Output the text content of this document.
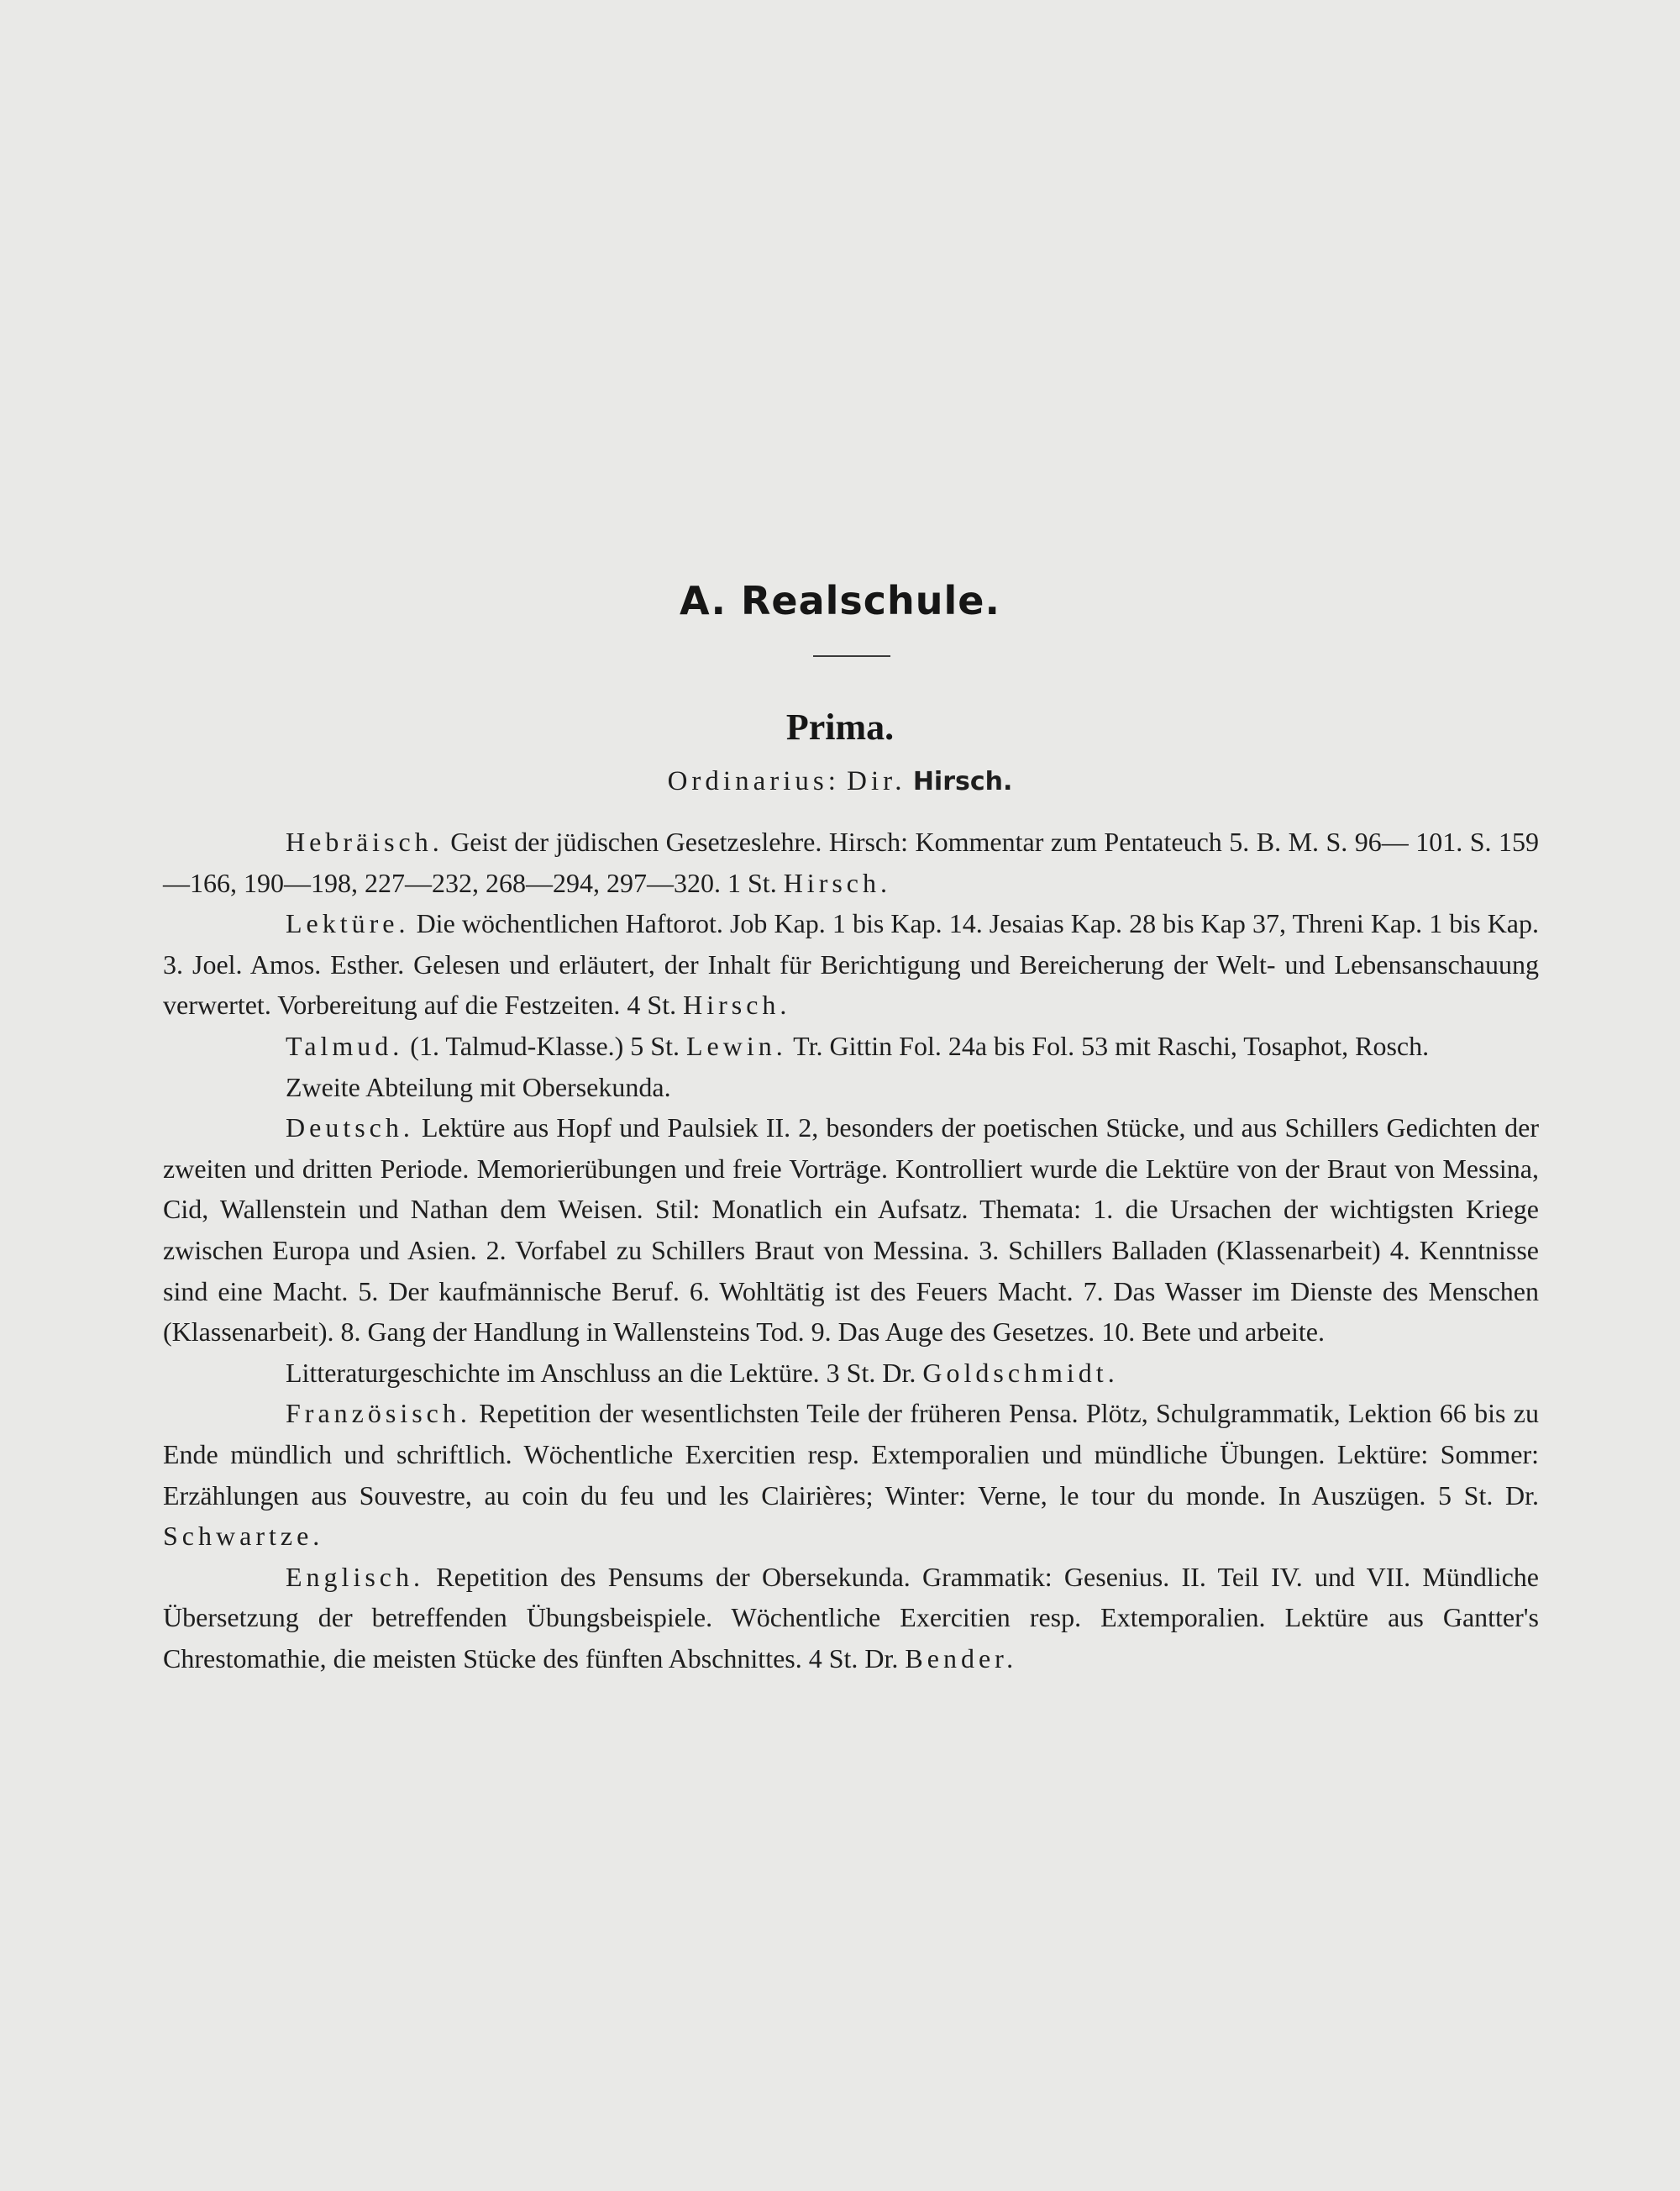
A. Realschule.
Prima.
Ordinarius: Dir. Hirsch.

Hebräisch. Geist der jüdischen Gesetzeslehre. Hirsch: Kommentar zum Pentateuch 5. B. M. S. 96— 101. S. 159—166, 190—198, 227—232, 268—294, 297—320. 1 St. Hirsch.

Lektüre. Die wöchentlichen Haftorot. Job Kap. 1 bis Kap. 14. Jesaias Kap. 28 bis Kap 37, Threni Kap. 1 bis Kap. 3. Joel. Amos. Esther. Gelesen und erläutert, der Inhalt für Berichtigung und Bereicherung der Welt- und Lebensanschauung verwertet. Vorbereitung auf die Festzeiten. 4 St. Hirsch.

Talmud. (1. Talmud-Klasse.) 5 St. Lewin. Tr. Gittin Fol. 24a bis Fol. 53 mit Raschi, Tosaphot, Rosch.

Zweite Abteilung mit Obersekunda.

Deutsch. Lektüre aus Hopf und Paulsiek II. 2, besonders der poetischen Stücke, und aus Schillers Gedichten der zweiten und dritten Periode. Memorierübungen und freie Vorträge. Kontrolliert wurde die Lektüre von der Braut von Messina, Cid, Wallenstein und Nathan dem Weisen. Stil: Monatlich ein Aufsatz. Themata: 1. die Ursachen der wichtigsten Kriege zwischen Europa und Asien. 2. Vorfabel zu Schillers Braut von Messina. 3. Schillers Balladen (Klassenarbeit) 4. Kenntnisse sind eine Macht. 5. Der kaufmännische Beruf. 6. Wohltätig ist des Feuers Macht. 7. Das Wasser im Dienste des Menschen (Klassenarbeit). 8. Gang der Handlung in Wallensteins Tod. 9. Das Auge des Gesetzes. 10. Bete und arbeite.

Litteraturgeschichte im Anschluss an die Lektüre. 3 St. Dr. Goldschmidt.

Französisch. Repetition der wesentlichsten Teile der früheren Pensa. Plötz, Schulgrammatik, Lektion 66 bis zu Ende mündlich und schriftlich. Wöchentliche Exercitien resp. Extemporalien und mündliche Übungen. Lektüre: Sommer: Erzählungen aus Souvestre, au coin du feu und les Clairières; Winter: Verne, le tour du monde. In Auszügen. 5 St. Dr. Schwartze.

Englisch. Repetition des Pensums der Obersekunda. Grammatik: Gesenius. II. Teil IV. und VII. Mündliche Übersetzung der betreffenden Übungsbeispiele. Wöchentliche Exercitien resp. Extemporalien. Lektüre aus Gantter's Chrestomathie, die meisten Stücke des fünften Abschnittes. 4 St. Dr. Bender.
